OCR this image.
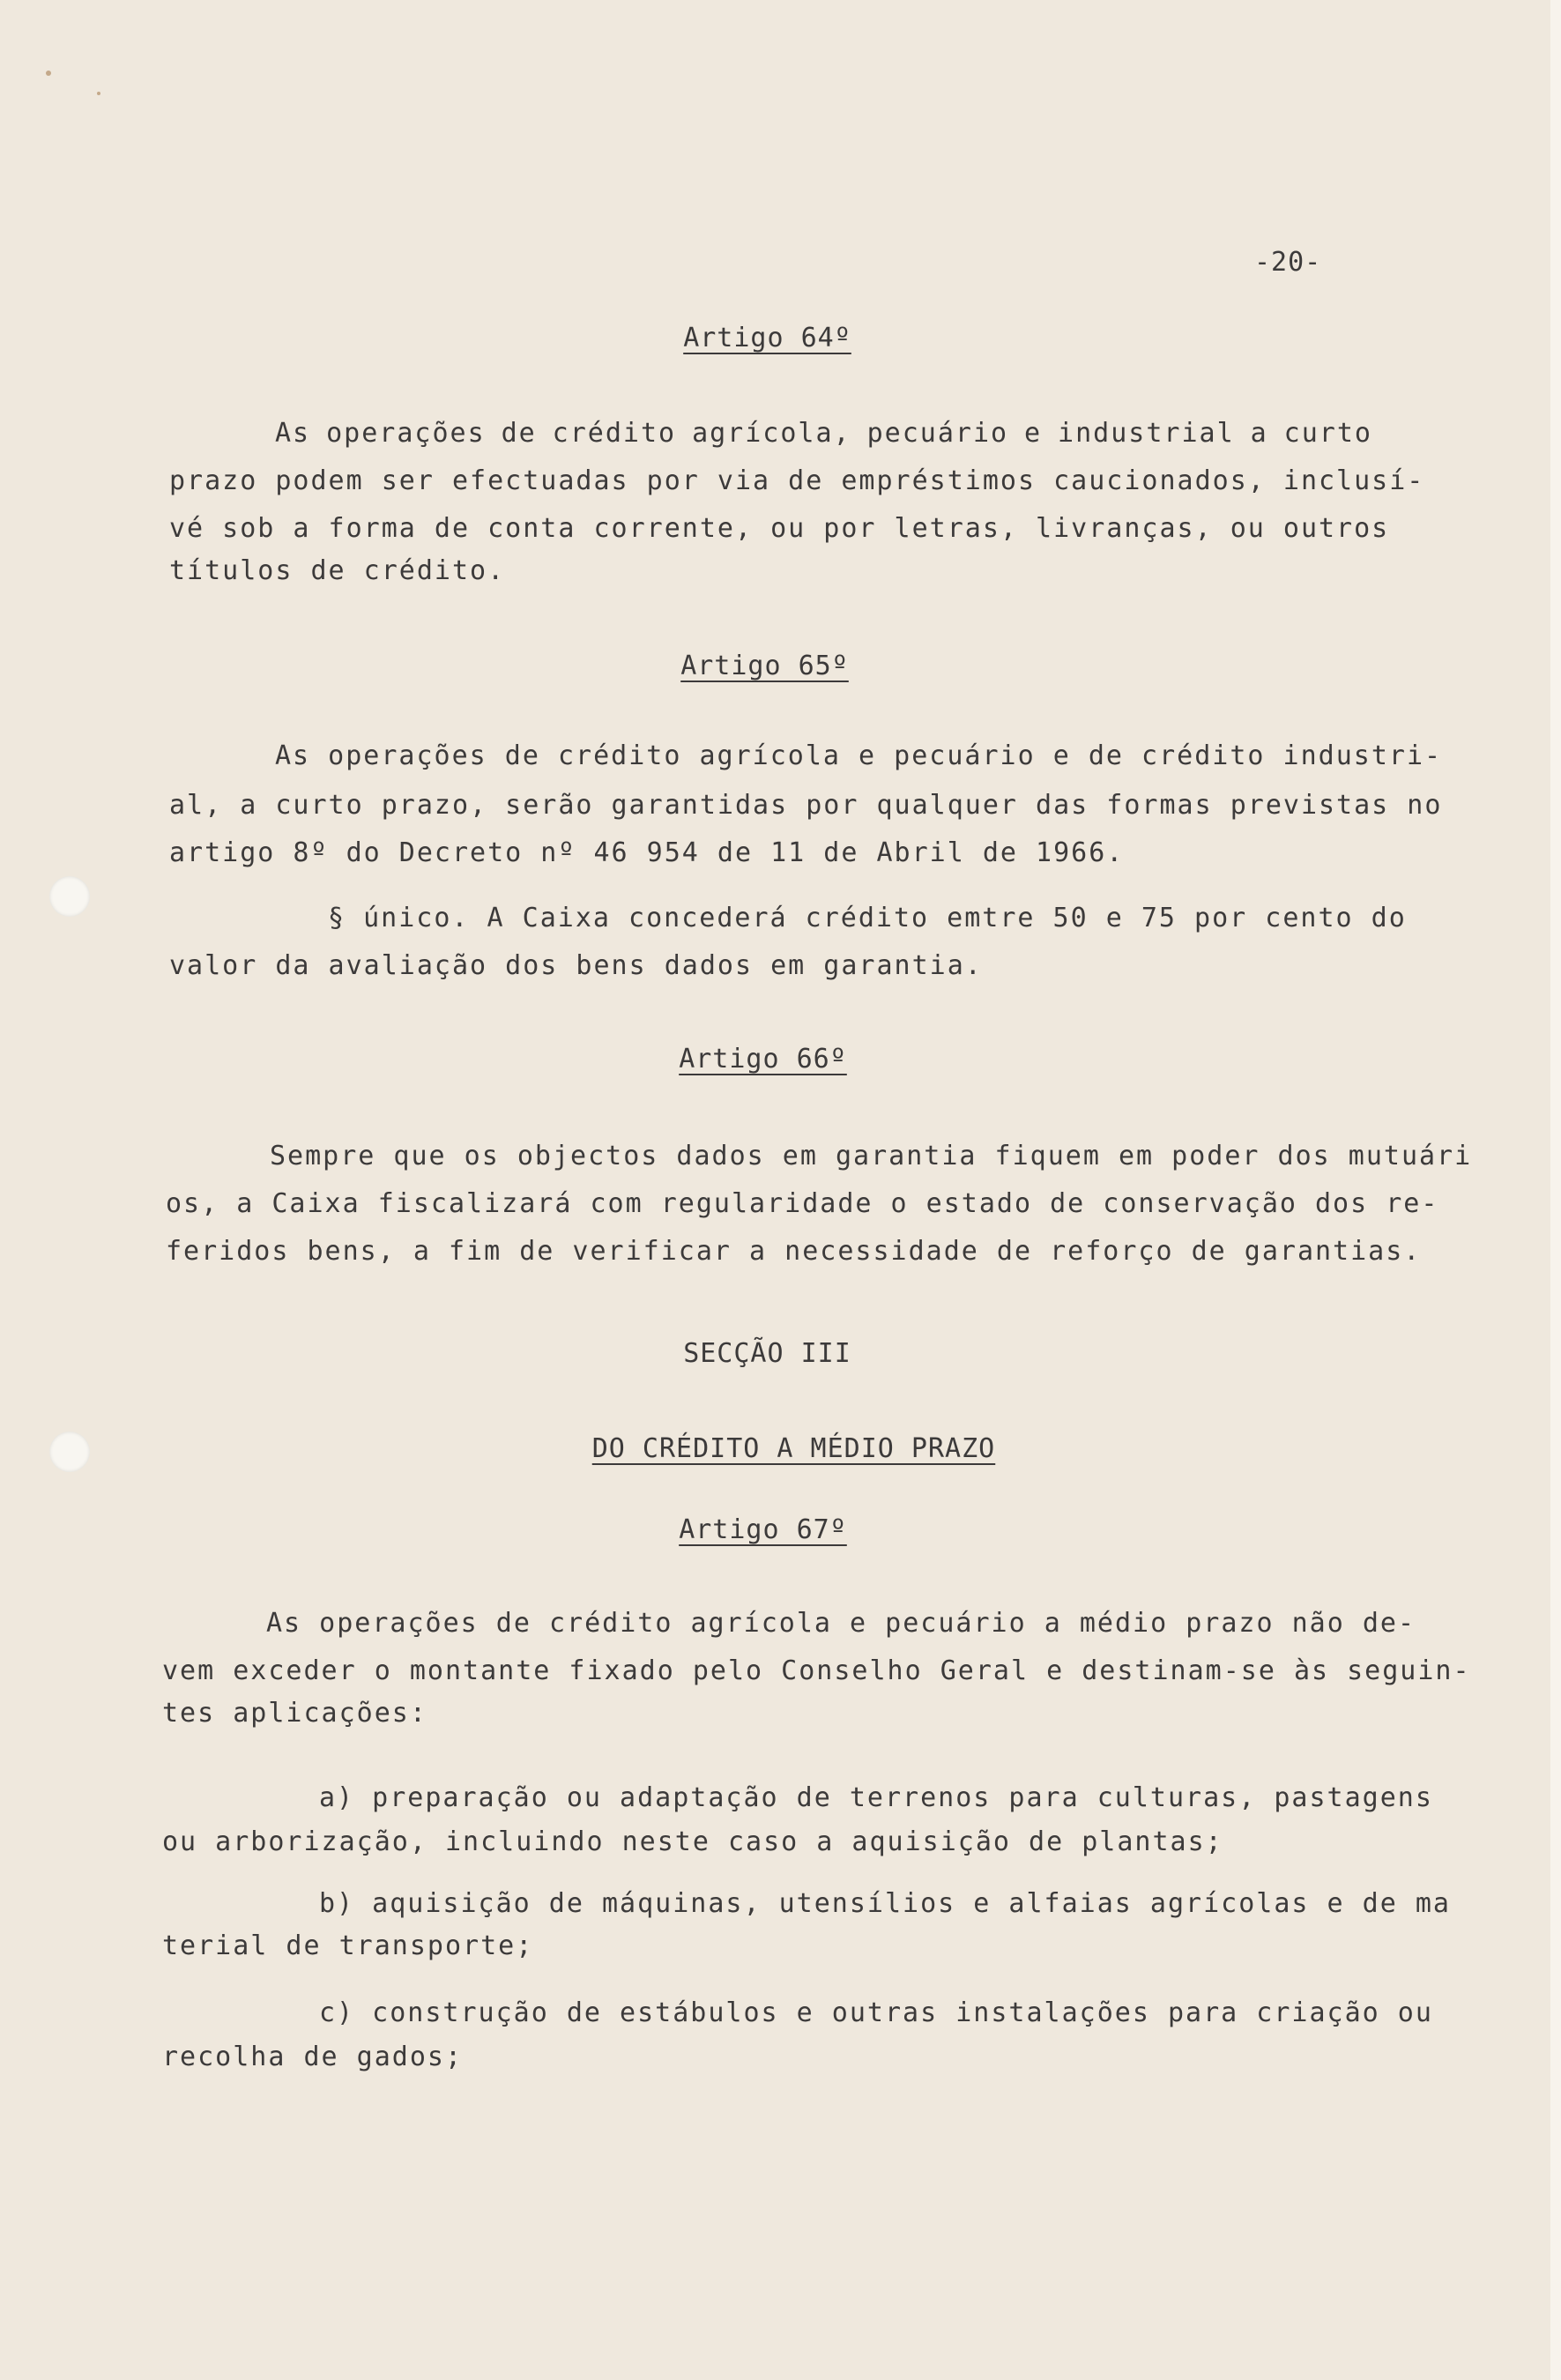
-20-
Artigo 64º
As operações de crédito agrícola, pecuário e industrial a curto
prazo podem ser efectuadas por via de empréstimos caucionados, inclusí-
vé sob a forma de conta corrente, ou por letras, livranças, ou outros
títulos de crédito.
Artigo 65º
As operações de crédito agrícola e pecuário e de crédito industri-
al, a curto prazo, serão garantidas por qualquer das formas previstas no
artigo 8º do Decreto nº 46 954 de 11 de Abril de 1966.
§ único. A Caixa concederá crédito emtre 50 e 75 por cento do
valor da avaliação dos bens dados em garantia.
Artigo 66º
Sempre que os objectos dados em garantia fiquem em poder dos mutuári
os, a Caixa fiscalizará com regularidade o estado de conservação dos re-
feridos bens, a fim de verificar a necessidade de reforço de garantias.
SECÇÃO III
DO CRÉDITO A MÉDIO PRAZO
Artigo 67º
As operações de crédito agrícola e pecuário a médio prazo não de-
vem exceder o montante fixado pelo Conselho Geral e destinam-se às seguin-
tes aplicações:
a) preparação ou adaptação de terrenos para culturas, pastagens
ou arborização, incluindo neste caso a aquisição de plantas;
b) aquisição de máquinas, utensílios e alfaias agrícolas e de ma
terial de transporte;
c) construção de estábulos e outras instalações para criação ou
recolha de gados;
